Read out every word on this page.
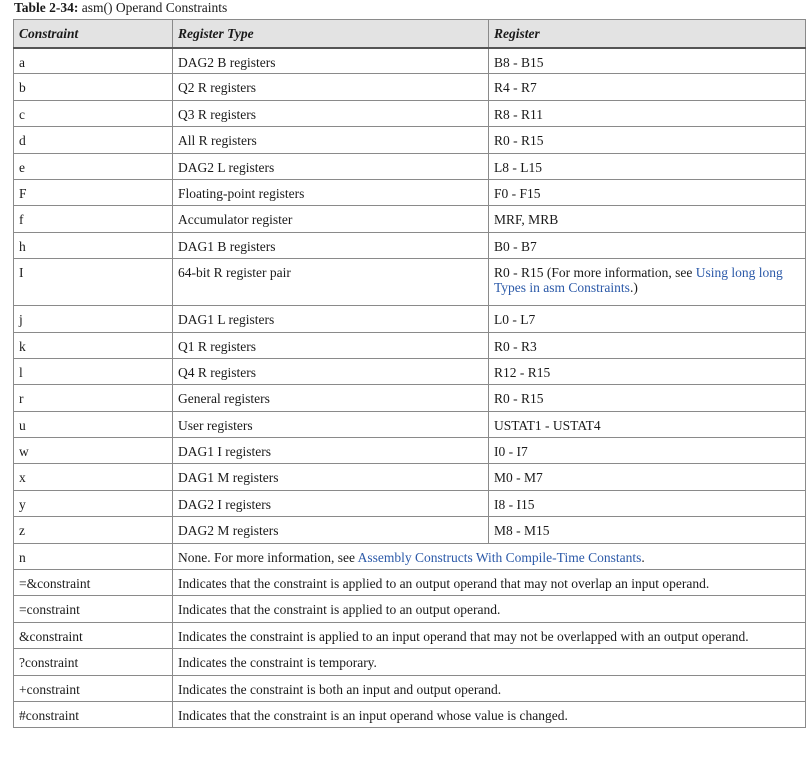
Table 2-34: asm() Operand Constraints
Constraint	Register Type	Register
a	DAG2 B registers	B8 - B15
b	Q2 R registers	R4 - R7
c	Q3 R registers	R8 - R11
d	All R registers	R0 - R15
e	DAG2 L registers	L8 - L15
F	Floating-point registers	F0 - F15
f	Accumulator register	MRF, MRB
h	DAG1 B registers	B0 - B7
I	64-bit R register pair	R0 - R15 (For more information, see Using long long Types in asm Constraints.)
j	DAG1 L registers	L0 - L7
k	Q1 R registers	R0 - R3
l	Q4 R registers	R12 - R15
r	General registers	R0 - R15
u	User registers	USTAT1 - USTAT4
w	DAG1 I registers	I0 - I7
x	DAG1 M registers	M0 - M7
y	DAG2 I registers	I8 - I15
z	DAG2 M registers	M8 - M15
n	None. For more information, see Assembly Constructs With Compile-Time Constants.	
=&constraint	Indicates that the constraint is applied to an output operand that may not overlap an input operand.	
=constraint	Indicates that the constraint is applied to an output operand.	
&constraint	Indicates the constraint is applied to an input operand that may not be overlapped with an output operand.	
?constraint	Indicates the constraint is temporary.	
+constraint	Indicates the constraint is both an input and output operand.	
#constraint	Indicates that the constraint is an input operand whose value is changed.	
